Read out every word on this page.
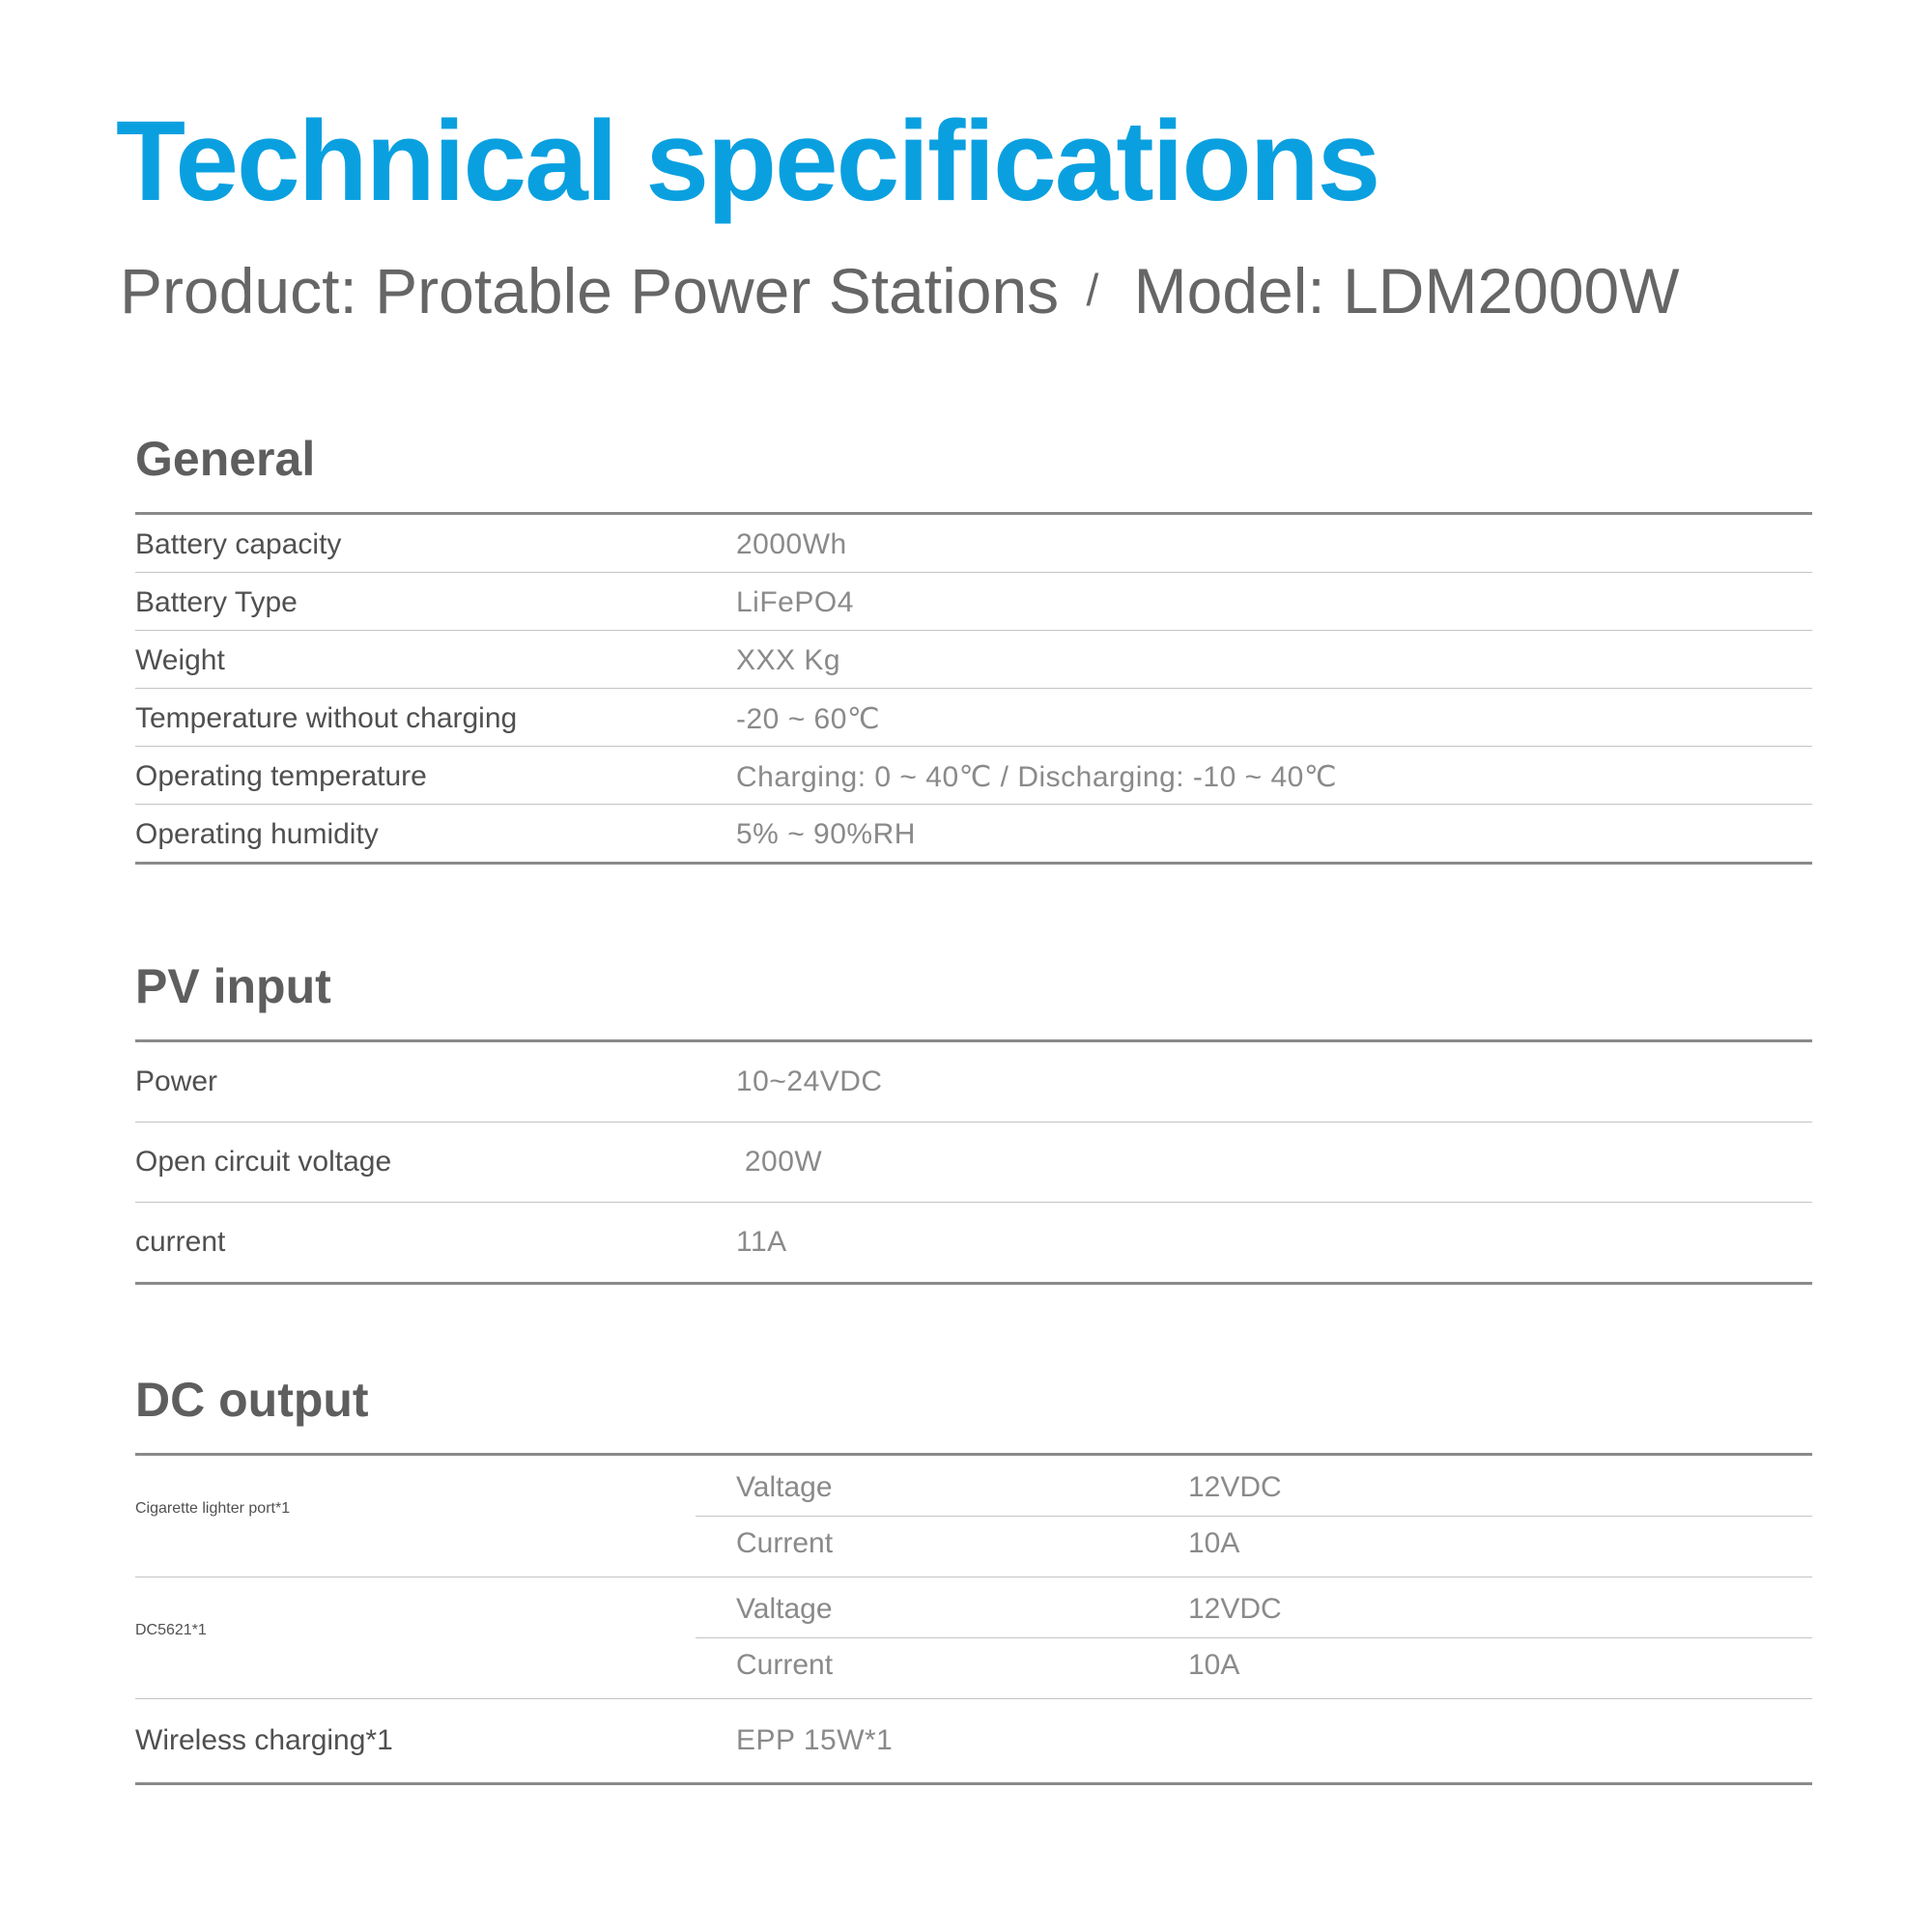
Technical specifications
Product: Protable Power Stations / Model: LDM2000W
General
Battery capacity	2000Wh
Battery Type	LiFePO4
Weight	XXX Kg
Temperature without charging	-20 ~ 60℃
Operating temperature	Charging: 0 ~ 40℃ / Discharging: -10 ~ 40℃
Operating humidity	5% ~ 90%RH
PV input
Power	10~24VDC
Open circuit voltage	200W
current	11A
DC output
Cigarette lighter port*1
Valtage	12VDC
Current	10A
DC5621*1
Valtage	12VDC
Current	10A
Wireless charging*1	EPP 15W*1
